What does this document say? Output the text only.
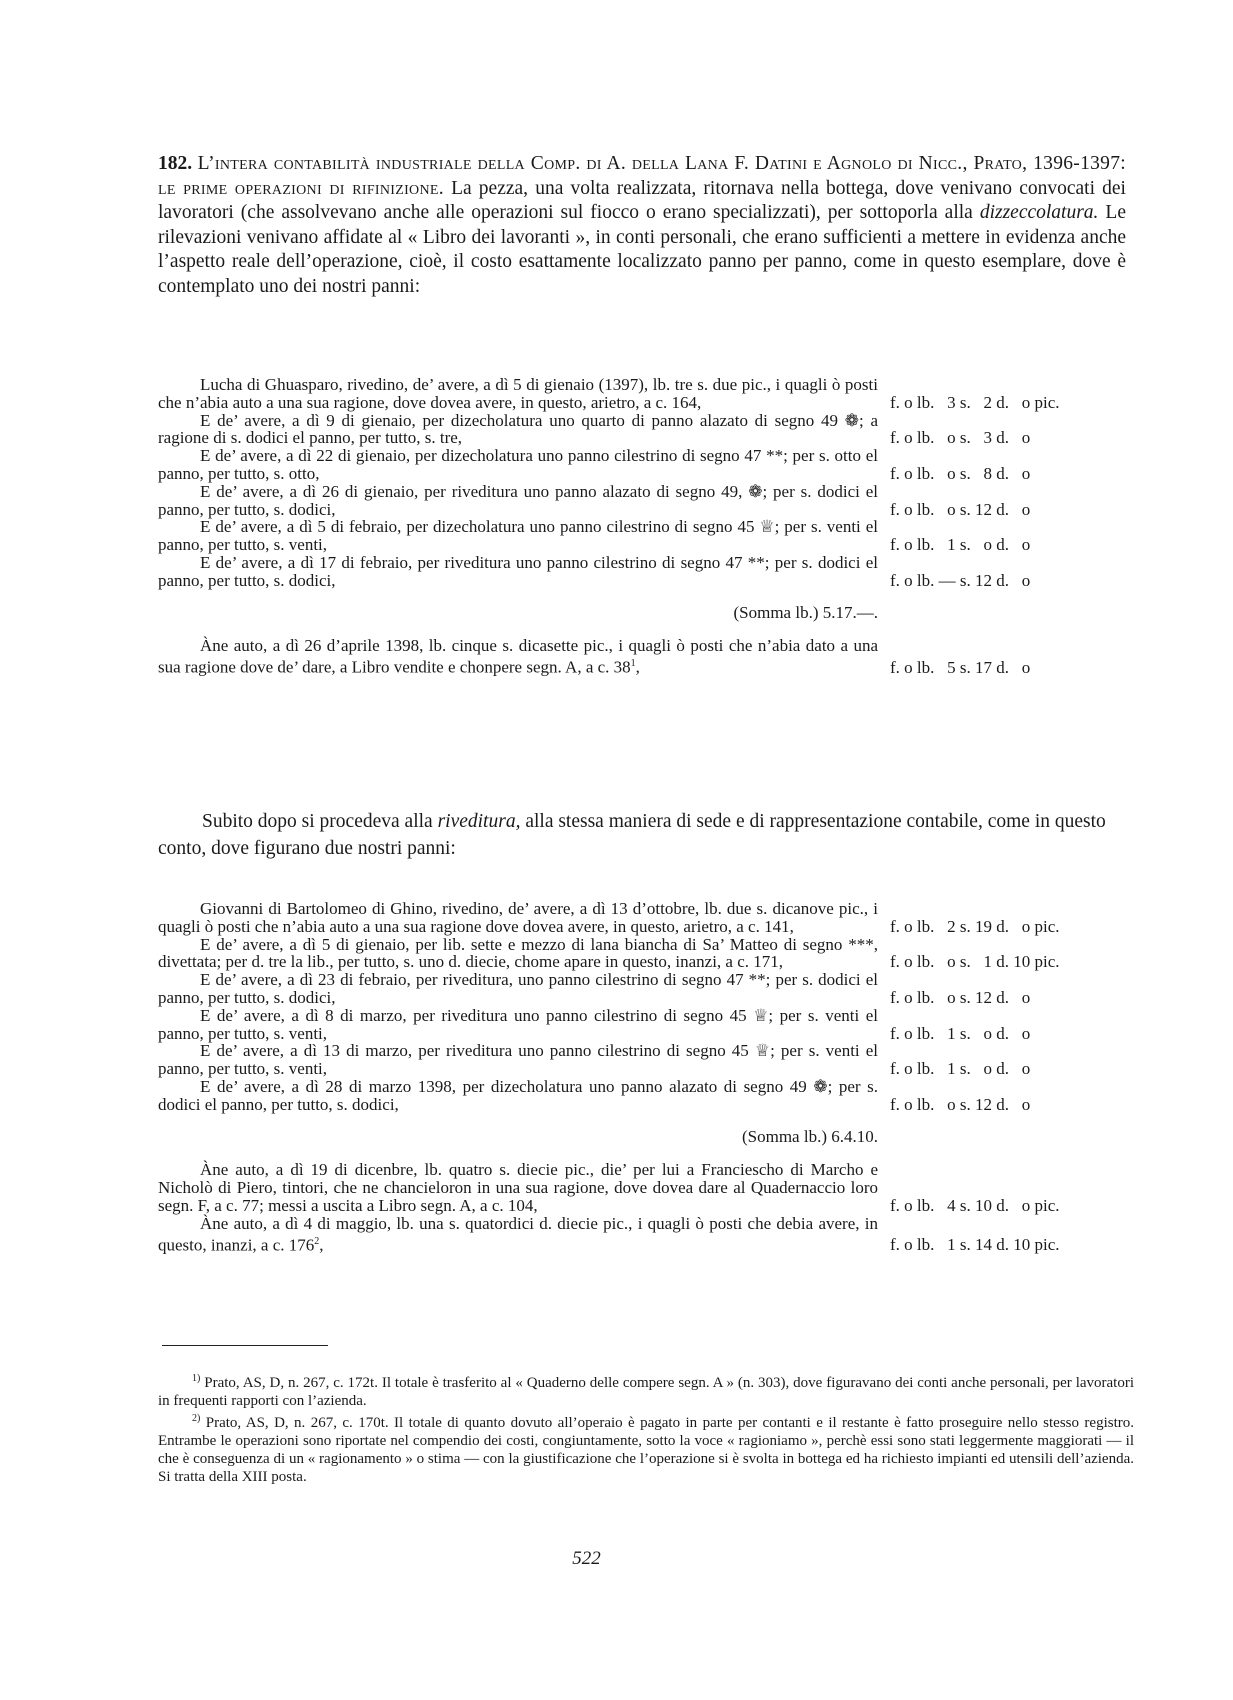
182. L’intera contabilità industriale della Comp. di A. della Lana F. Datini e Agnolo di Nicc., Prato, 1396-1397: le prime operazioni di rifinizione. La pezza, una volta realizzata, ritornava nella bottega, dove venivano convocati dei lavoratori (che assolvevano anche alle operazioni sul fiocco o erano specializzati), per sottoporla alla dizzeccolatura. Le rilevazioni venivano affidate al « Libro dei lavoranti », in conti personali, che erano sufficienti a mettere in evidenza anche l’aspetto reale dell’operazione, cioè, il costo esattamente localizzato panno per panno, come in questo esemplare, dove è contemplato uno dei nostri panni:
Lucha di Ghuasparo, rivedino, de’ avere, a dì 5 di gienaio (1397), lb. tre s. due pic., i quagli ò posti che n’abia auto a una sua ragione, dove dovea avere, in questo, arietro, a c. 164,	f. o lb.   3 s.   2 d.   o pic.
E de’ avere, a dì 9 di gienaio, per dizecholatura uno quarto di panno alazato di segno 49 ❁; a ragione di s. dodici el panno, per tutto, s. tre,	f. o lb.   o s.   3 d.   o
E de’ avere, a dì 22 di gienaio, per dizecholatura uno panno cilestrino di segno 47 **; per s. otto el panno, per tutto, s. otto,	f. o lb.   o s.   8 d.   o
E de’ avere, a dì 26 di gienaio, per riveditura uno panno alazato di segno 49, ❁; per s. dodici el panno, per tutto, s. dodici,	f. o lb.   o s. 12 d.   o
E de’ avere, a dì 5 di febraio, per dizecholatura uno panno cilestrino di segno 45 ♕; per s. venti el panno, per tutto, s. venti,	f. o lb.   1 s.   o d.   o
E de’ avere, a dì 17 di febraio, per riveditura uno panno cilestrino di segno 47 **; per s. dodici el panno, per tutto, s. dodici,	f. o lb. — s. 12 d.   o
(Somma lb.) 5.17.—.
Àne auto, a dì 26 d’aprile 1398, lb. cinque s. dicasette pic., i quagli ò posti che n’abia dato a una sua ragione dove de’ dare, a Libro vendite e chonpere segn. A, a c. $38^1$,	f. o lb.   5 s. 17 d.   o
Subito dopo si procedeva alla riveditura, alla stessa maniera di sede e di rappresentazione contabile, come in questo conto, dove figurano due nostri panni:
Giovanni di Bartolomeo di Ghino, rivedino, de’ avere, a dì 13 d’ottobre, lb. due s. dicanove pic., i quagli ò posti che n’abia auto a una sua ragione dove dovea avere, in questo, arietro, a c. 141,	f. o lb.   2 s. 19 d.   o pic.
E de’ avere, a dì 5 di gienaio, per lib. sette e mezzo di lana biancha di Sa’ Matteo di segno ***, divettata; per d. tre la lib., per tutto, s. uno d. diecie, chome apare in questo, inanzi, a c. 171,	f. o lb.   o s.   1 d. 10 pic.
E de’ avere, a dì 23 di febraio, per riveditura, uno panno cilestrino di segno 47 **; per s. dodici el panno, per tutto, s. dodici,	f. o lb.   o s. 12 d.   o
E de’ avere, a dì 8 di marzo, per riveditura uno panno cilestrino di segno 45 ♕; per s. venti el panno, per tutto, s. venti,	f. o lb.   1 s.   o d.   o
E de’ avere, a dì 13 di marzo, per riveditura uno panno cilestrino di segno 45 ♕; per s. venti el panno, per tutto, s. venti,	f. o lb.   1 s.   o d.   o
E de’ avere, a dì 28 di marzo 1398, per dizecholatura uno panno alazato di segno 49 ❁; per s. dodici el panno, per tutto, s. dodici,	f. o lb.   o s. 12 d.   o
(Somma lb.) 6.4.10.
Àne auto, a dì 19 di dicenbre, lb. quatro s. diecie pic., die’ per lui a Franciescho di Marcho e Nicholò di Piero, tintori, che ne chancieloron in una sua ragione, dove dovea dare al Quadernaccio loro segn. F, a c. 77; messi a uscita a Libro segn. A, a c. 104,	f. o lb.   4 s. 10 d.   o pic.
Àne auto, a dì 4 di maggio, lb. una s. quatordici d. diecie pic., i quagli ò posti che debia avere, in questo, inanzi, a c. $176^2$,	f. o lb.   1 s. 14 d. 10 pic.
$^{1)}$ Prato, AS, D, n. 267, c. 172t. Il totale è trasferito al « Quaderno delle compere segn. A » (n. 303), dove figuravano dei conti anche personali, per lavoratori in frequenti rapporti con l’azienda.
$^{2)}$ Prato, AS, D, n. 267, c. 170t. Il totale di quanto dovuto all’operaio è pagato in parte per contanti e il restante è fatto proseguire nello stesso registro. Entrambe le operazioni sono riportate nel compendio dei costi, congiuntamente, sotto la voce « ragioniamo », perchè essi sono stati leggermente maggiorati — il che è conseguenza di un « ragionamento » o stima — con la giustificazione che l’operazione si è svolta in bottega ed ha richiesto impianti ed utensili dell’azienda. Si tratta della XIII posta.
522
